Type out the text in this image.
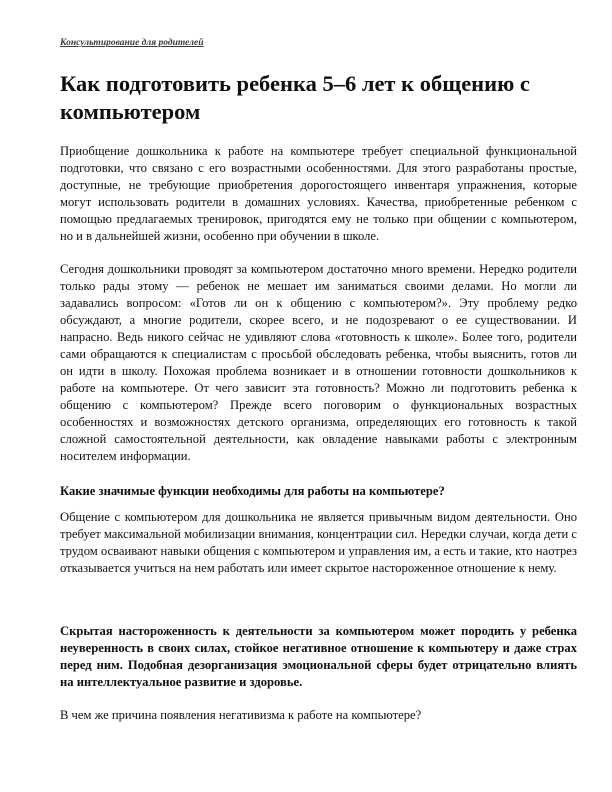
Консультирование для родителей
Как подготовить ребенка 5–6 лет к общению с компьютером

Приобщение дошкольника к работе на компьютере требует специальной функциональной подготовки, что связано с его возрастными особенностями. Для этого разработаны простые, доступные, не требующие приобретения дорогостоящего инвентаря упражнения, которые могут использовать родители в домашних условиях. Качества, приобретенные ребенком с помощью предлагаемых тренировок, пригодятся ему не только при общении с компьютером, но и в дальнейшей жизни, особенно при обучении в школе.

Сегодня дошкольники проводят за компьютером достаточно много времени. Нередко родители только рады этому — ребенок не мешает им заниматься своими делами. Но могли ли задавались вопросом: «Готов ли он к общению с компьютером?». Эту проблему редко обсуждают, а многие родители, скорее всего, и не подозревают о ее существовании. И напрасно. Ведь никого сейчас не удивляют слова «готовность к школе». Более того, родители сами обращаются к специалистам с просьбой обследовать ребенка, чтобы выяснить, готов ли он идти в школу. Похожая проблема возникает и в отношении готовности дошкольников к работе на компьютере. От чего зависит эта готовность? Можно ли подготовить ребенка к общению с компьютером? Прежде всего поговорим о функциональных возрастных особенностях и возможностях детского организма, определяющих его готовность к такой сложной самостоятельной деятельности, как овладение навыками работы с электронным носителем информации.

Какие значимые функции необходимы для работы на компьютере?

Общение с компьютером для дошкольника не является привычным видом деятельности. Оно требует максимальной мобилизации внимания, концентрации сил. Нередки случаи, когда дети с трудом осваивают навыки общения с компьютером и управления им, а есть и такие, кто наотрез отказывается учиться на нем работать или имеет скрытое настороженное отношение к нему.

Скрытая настороженность к деятельности за компьютером может породить у ребенка неуверенность в своих силах, стойкое негативное отношение к компьютеру и даже страх перед ним. Подобная дезорганизация эмоциональной сферы будет отрицательно влиять на интеллектуальное развитие и здоровье.

В чем же причина появления негативизма к работе на компьютере?
